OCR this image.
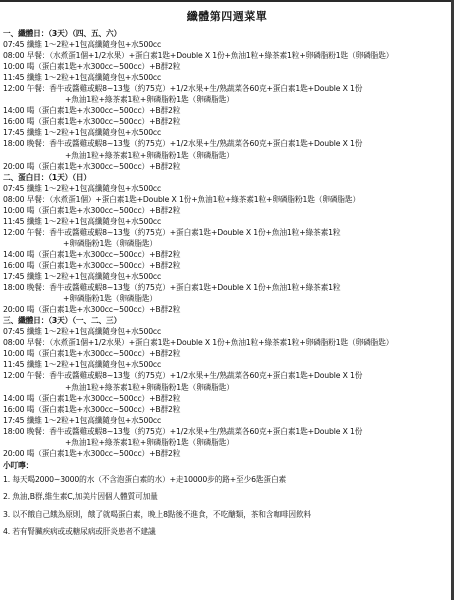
纖體第四週菜單
一、纖體日：（3天）（四、五、六）
07:45 纖維 1～2粒+1包高纖隨身包+水500cc
08:00 早餐：（水煮蛋1個+1/2水果）+蛋白素1匙+Double X 1份+魚油1粒+綠茶素1粒+卵磷脂粉1匙（卵磷脂匙）
10:00 喝（蛋白素1匙+水300cc~500cc）+B群2粒
11:45 纖維 1～2粒+1包高纖隨身包+水500cc
12:00 午餐：香牛或醬雞或蝦8~13隻（約75克）+1/2水果+生/熟蔬菜各60克+蛋白素1匙+Double X 1份
+魚油1粒+綠茶素1粒+卵磷脂粉1匙（卵磷脂匙）
14:00 喝（蛋白素1匙+水300cc~500cc）+B群2粒
16:00 喝（蛋白素1匙+水300cc~500cc）+B群2粒
17:45 纖維 1～2粒+1包高纖隨身包+水500cc
18:00 晚餐：香牛或醬雞或蝦8~13隻（約75克）+1/2水果+生/熟蔬菜各60克+蛋白素1匙+Double X 1份
+魚油1粒+綠茶素1粒+卵磷脂粉1匙（卵磷脂匙）
20:00 喝（蛋白素1匙+水300cc~500cc）+B群2粒
二、蛋白日：（1天）（日）
07:45 纖維 1～2粒+1包高纖隨身包+水500cc
08:00 早餐：（水煮蛋1個）+蛋白素1匙+Double X 1份+魚油1粒+綠茶素1粒+卵磷脂粉1匙（卵磷脂匙）
10:00 喝（蛋白素1匙+水300cc~500cc）+B群2粒
11:45 纖維 1～2粒+1包高纖隨身包+水500cc
12:00 午餐：香牛或醬雞或蝦8~13隻（約75克）+蛋白素1匙+Double X 1份+魚油1粒+綠茶素1粒
+卵磷脂粉1匙（卵磷脂匙）
14:00 喝（蛋白素1匙+水300cc~500cc）+B群2粒
16:00 喝（蛋白素1匙+水300cc~500cc）+B群2粒
17:45 纖維 1～2粒+1包高纖隨身包+水500cc
18:00 晚餐：香牛或醬雞或蝦8~13隻（約75克）+蛋白素1匙+Double X 1份+魚油1粒+綠茶素1粒
+卵磷脂粉1匙（卵磷脂匙）
20:00 喝（蛋白素1匙+水300cc~500cc）+B群2粒
三、纖體日：（3天）（一、二、三）
07:45 纖維 1～2粒+1包高纖隨身包+水500cc
08:00 早餐：（水煮蛋1個+1/2水果）+蛋白素1匙+Double X 1份+魚油1粒+綠茶素1粒+卵磷脂粉1匙（卵磷脂匙）
10:00 喝（蛋白素1匙+水300cc~500cc）+B群2粒
11:45 纖維 1～2粒+1包高纖隨身包+水500cc
12:00 午餐：香牛或醬雞或蝦8~13隻（約75克）+1/2水果+生/熟蔬菜各60克+蛋白素1匙+Double X 1份
+魚油1粒+綠茶素1粒+卵磷脂粉1匙（卵磷脂匙）
14:00 喝（蛋白素1匙+水300cc~500cc）+B群2粒
16:00 喝（蛋白素1匙+水300cc~500cc）+B群2粒
17:45 纖維 1～2粒+1包高纖隨身包+水500cc
18:00 晚餐：香牛或醬雞或蝦8~13隻（約75克）+1/2水果+生/熟蔬菜各60克+蛋白素1匙+Double X 1份
+魚油1粒+綠茶素1粒+卵磷脂粉1匙（卵磷脂匙）
20:00 喝（蛋白素1匙+水300cc~500cc）+B群2粒
小叮嚀：
1. 每天喝2000~3000的水（不含泡蛋白素的水）+走10000步的路+至少6匙蛋白素
2. 魚油,B群,維生素C,加美片因個人體質可加量
3. 以不餓自己餓為原則，餓了就喝蛋白素，晚上8點後不進食，不吃醣類，茶和含咖啡因飲料
4. 若有腎臟疾病或或糖尿病或肝炎患者不建議
